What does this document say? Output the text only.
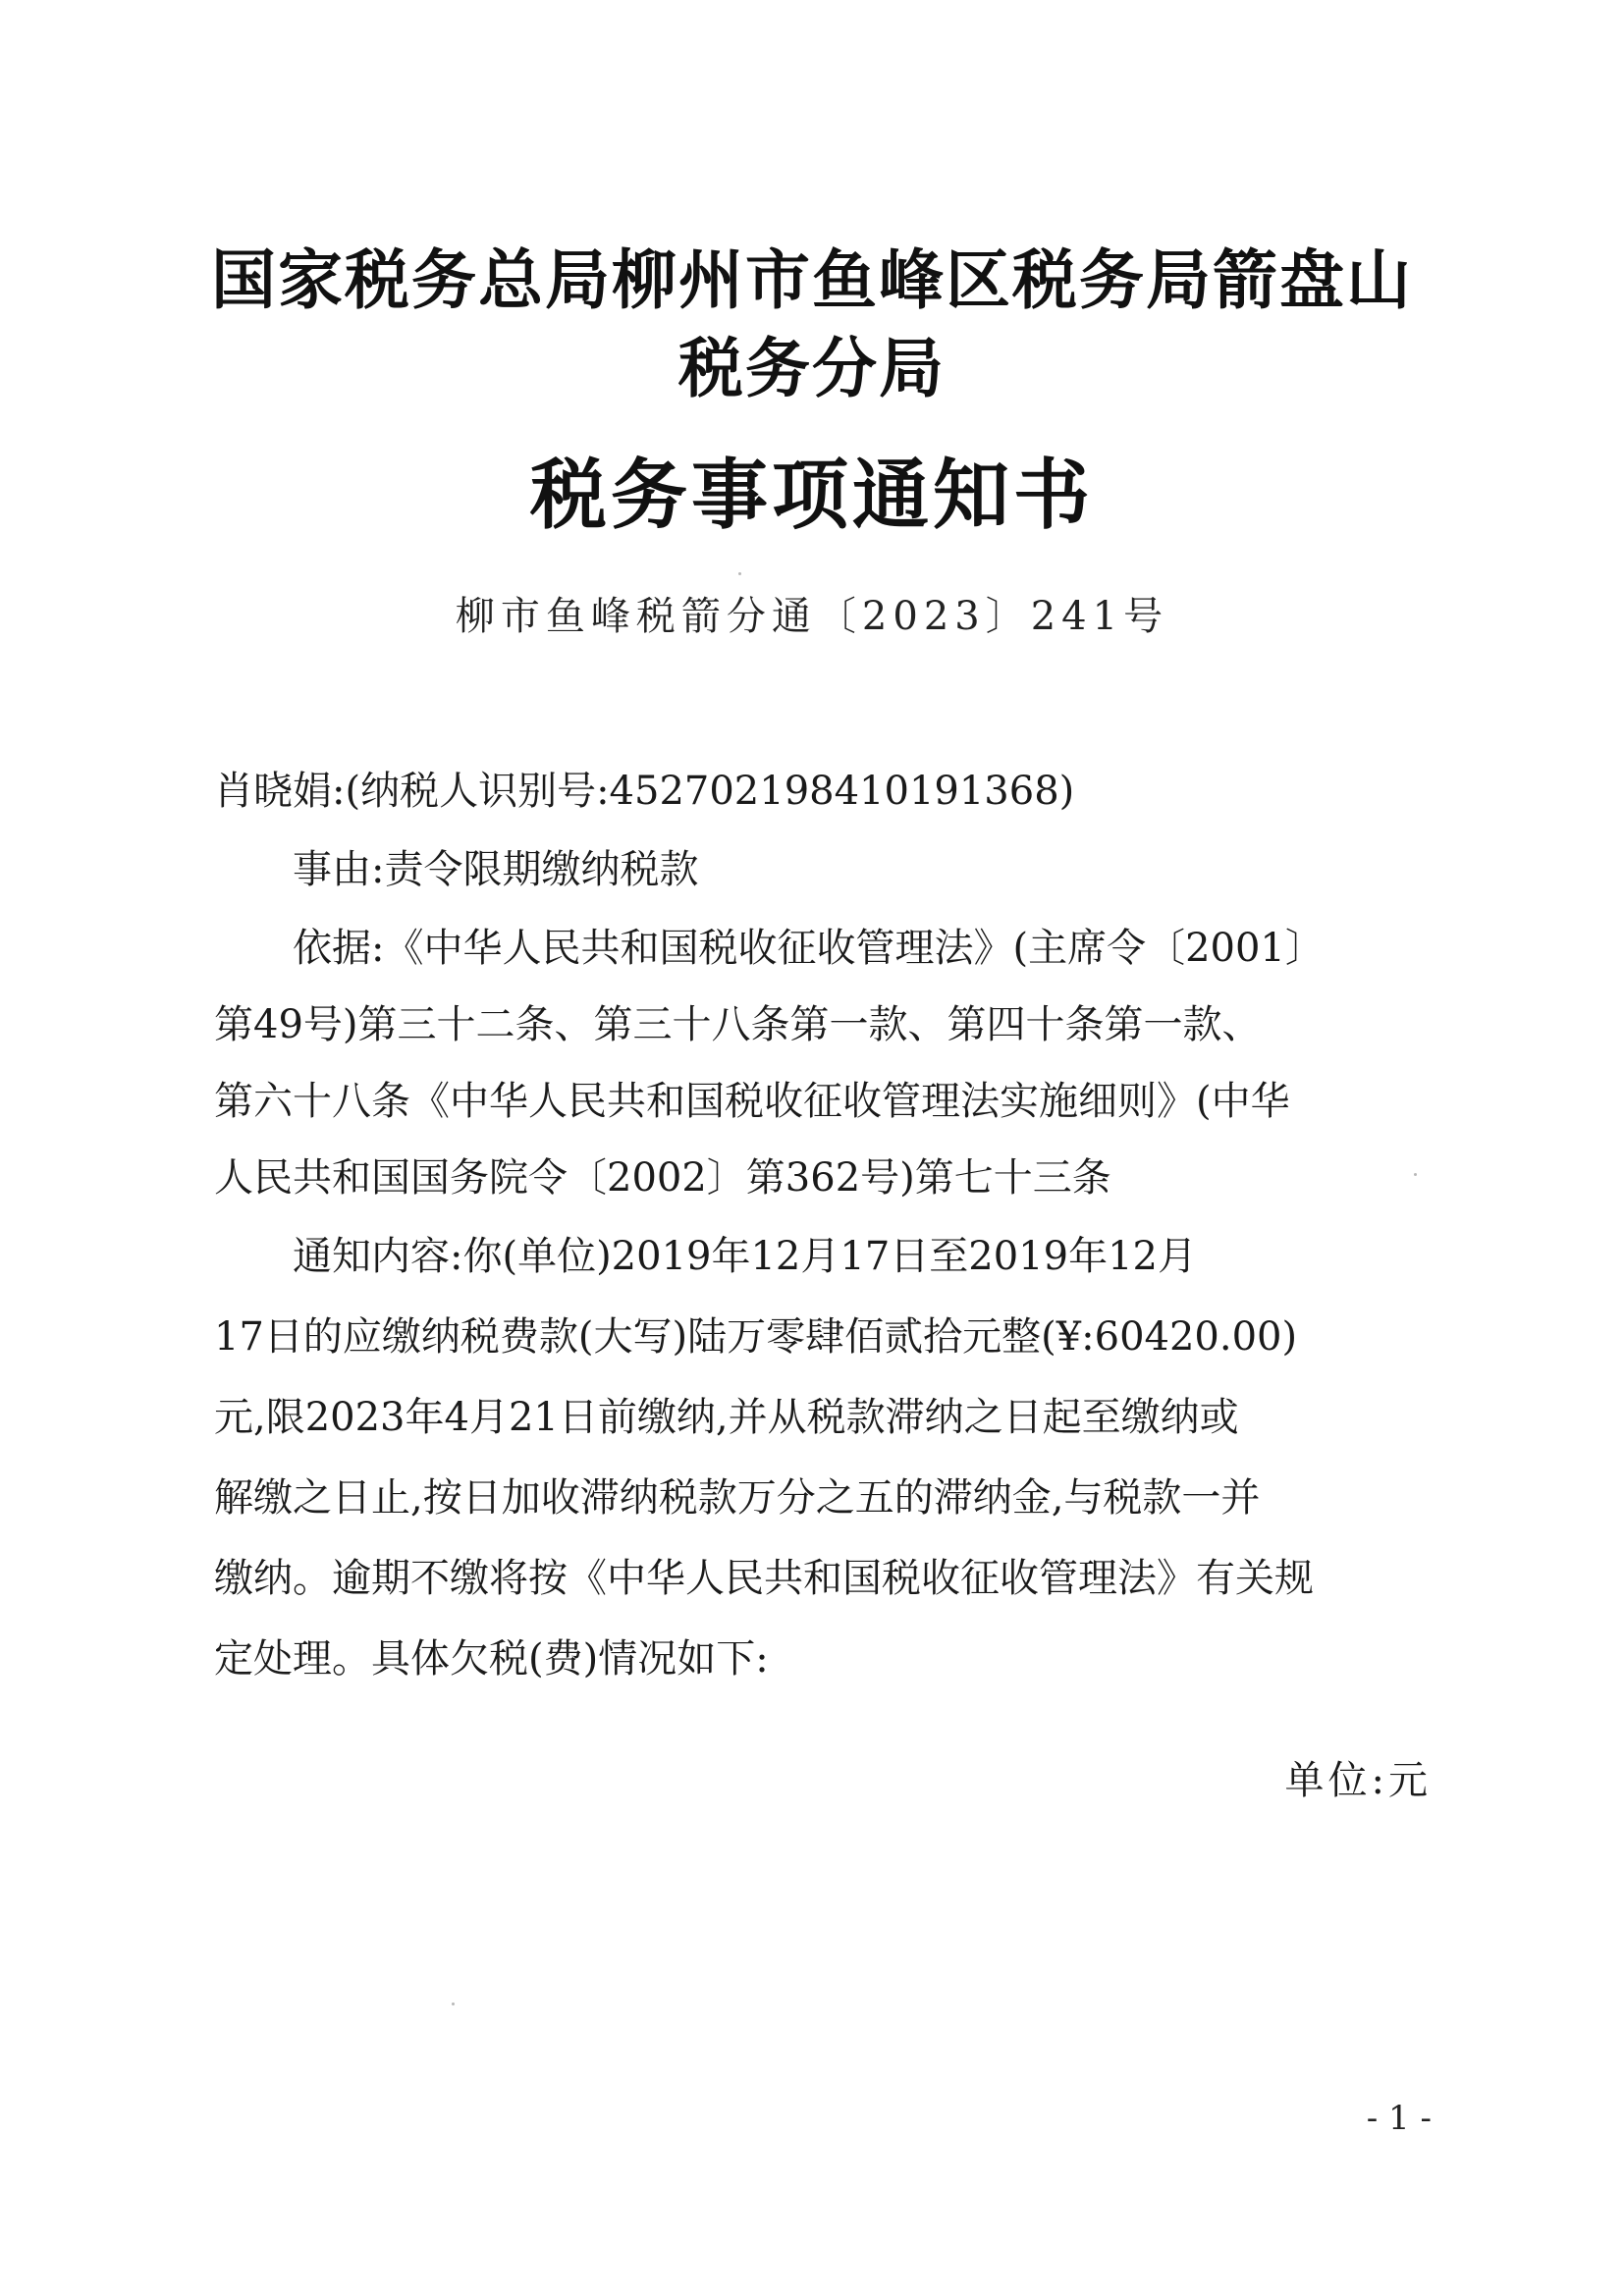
国家税务总局柳州市鱼峰区税务局箭盘山
税务分局
税务事项通知书
柳市鱼峰税箭分通〔2023〕241号
肖晓娟:(纳税人识别号:452702198410191368)
事由:责令限期缴纳税款
依据:《中华人民共和国税收征收管理法》(主席令〔2001〕
第49号)第三十二条、第三十八条第一款、第四十条第一款、
第六十八条《中华人民共和国税收征收管理法实施细则》(中华
人民共和国国务院令〔2002〕第362号)第七十三条
通知内容:你(单位)2019年12月17日至2019年12月
17日的应缴纳税费款(大写)陆万零肆佰贰拾元整(¥:60420.00)
元,限2023年4月21日前缴纳,并从税款滞纳之日起至缴纳或
解缴之日止,按日加收滞纳税款万分之五的滞纳金,与税款一并
缴纳。逾期不缴将按《中华人民共和国税收征收管理法》有关规
定处理。具体欠税(费)情况如下:
单位:元
- 1 -
